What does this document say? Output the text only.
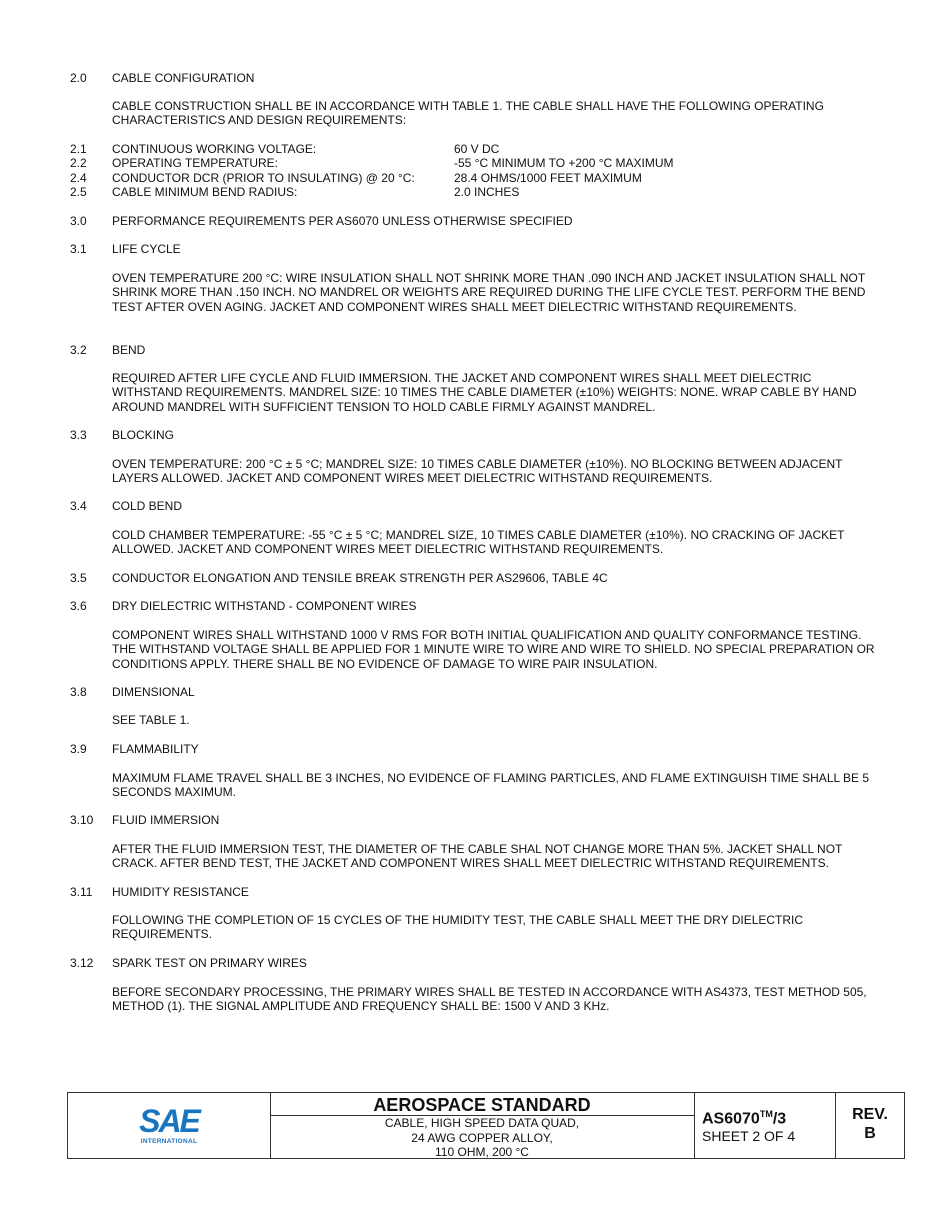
2.0	CABLE CONFIGURATION
CABLE CONSTRUCTION SHALL BE IN ACCORDANCE WITH TABLE 1. THE CABLE SHALL HAVE THE FOLLOWING OPERATING CHARACTERISTICS AND DESIGN REQUIREMENTS:
2.1 CONTINUOUS WORKING VOLTAGE:	60 V DC
2.2 OPERATING TEMPERATURE:	-55 °C MINIMUM TO +200 °C MAXIMUM
2.4 CONDUCTOR DCR (PRIOR TO INSULATING) @ 20 °C:	28.4 OHMS/1000 FEET MAXIMUM
2.5 CABLE MINIMUM BEND RADIUS:	2.0 INCHES
3.0	PERFORMANCE REQUIREMENTS PER AS6070 UNLESS OTHERWISE SPECIFIED
3.1	LIFE CYCLE
OVEN TEMPERATURE 200 °C: WIRE INSULATION SHALL NOT SHRINK MORE THAN .090 INCH AND JACKET INSULATION SHALL NOT SHRINK MORE THAN .150 INCH. NO MANDREL OR WEIGHTS ARE REQUIRED DURING THE LIFE CYCLE TEST. PERFORM THE BEND TEST AFTER OVEN AGING. JACKET AND COMPONENT WIRES SHALL MEET DIELECTRIC WITHSTAND REQUIREMENTS.
3.2	BEND
REQUIRED AFTER LIFE CYCLE AND FLUID IMMERSION. THE JACKET AND COMPONENT WIRES SHALL MEET DIELECTRIC WITHSTAND REQUIREMENTS. MANDREL SIZE: 10 TIMES THE CABLE DIAMETER (±10%) WEIGHTS: NONE. WRAP CABLE BY HAND AROUND MANDREL WITH SUFFICIENT TENSION TO HOLD CABLE FIRMLY AGAINST MANDREL.
3.3	BLOCKING
OVEN TEMPERATURE: 200 °C ± 5 °C; MANDREL SIZE: 10 TIMES CABLE DIAMETER (±10%). NO BLOCKING BETWEEN ADJACENT LAYERS ALLOWED. JACKET AND COMPONENT WIRES MEET DIELECTRIC WITHSTAND REQUIREMENTS.
3.4	COLD BEND
COLD CHAMBER TEMPERATURE: -55 °C ± 5 °C; MANDREL SIZE, 10 TIMES CABLE DIAMETER (±10%). NO CRACKING OF JACKET ALLOWED. JACKET AND COMPONENT WIRES MEET DIELECTRIC WITHSTAND REQUIREMENTS.
3.5	CONDUCTOR ELONGATION AND TENSILE BREAK STRENGTH PER AS29606, TABLE 4C
3.6	DRY DIELECTRIC WITHSTAND - COMPONENT WIRES
COMPONENT WIRES SHALL WITHSTAND 1000 V RMS FOR BOTH INITIAL QUALIFICATION AND QUALITY CONFORMANCE TESTING. THE WITHSTAND VOLTAGE SHALL BE APPLIED FOR 1 MINUTE WIRE TO WIRE AND WIRE TO SHIELD. NO SPECIAL PREPARATION OR CONDITIONS APPLY. THERE SHALL BE NO EVIDENCE OF DAMAGE TO WIRE PAIR INSULATION.
3.8	DIMENSIONAL
SEE TABLE 1.
3.9	FLAMMABILITY
MAXIMUM FLAME TRAVEL SHALL BE 3 INCHES, NO EVIDENCE OF FLAMING PARTICLES, AND FLAME EXTINGUISH TIME SHALL BE 5 SECONDS MAXIMUM.
3.10	FLUID IMMERSION
AFTER THE FLUID IMMERSION TEST, THE DIAMETER OF THE CABLE SHAL NOT CHANGE MORE THAN 5%. JACKET SHALL NOT CRACK. AFTER BEND TEST, THE JACKET AND COMPONENT WIRES SHALL MEET DIELECTRIC WITHSTAND REQUIREMENTS.
3.11	HUMIDITY RESISTANCE
FOLLOWING THE COMPLETION OF 15 CYCLES OF THE HUMIDITY TEST, THE CABLE SHALL MEET THE DRY DIELECTRIC REQUIREMENTS.
3.12	SPARK TEST ON PRIMARY WIRES
BEFORE SECONDARY PROCESSING, THE PRIMARY WIRES SHALL BE TESTED IN ACCORDANCE WITH AS4373, TEST METHOD 505, METHOD (1). THE SIGNAL AMPLITUDE AND FREQUENCY SHALL BE: 1500 V AND 3 KHz.
SAE
INTERNATIONAL
AEROSPACE STANDARD
CABLE, HIGH SPEED DATA QUAD,
24 AWG COPPER ALLOY,
110 OHM, 200 °C
AS6070™/3
SHEET 2 OF 4
REV.
B
